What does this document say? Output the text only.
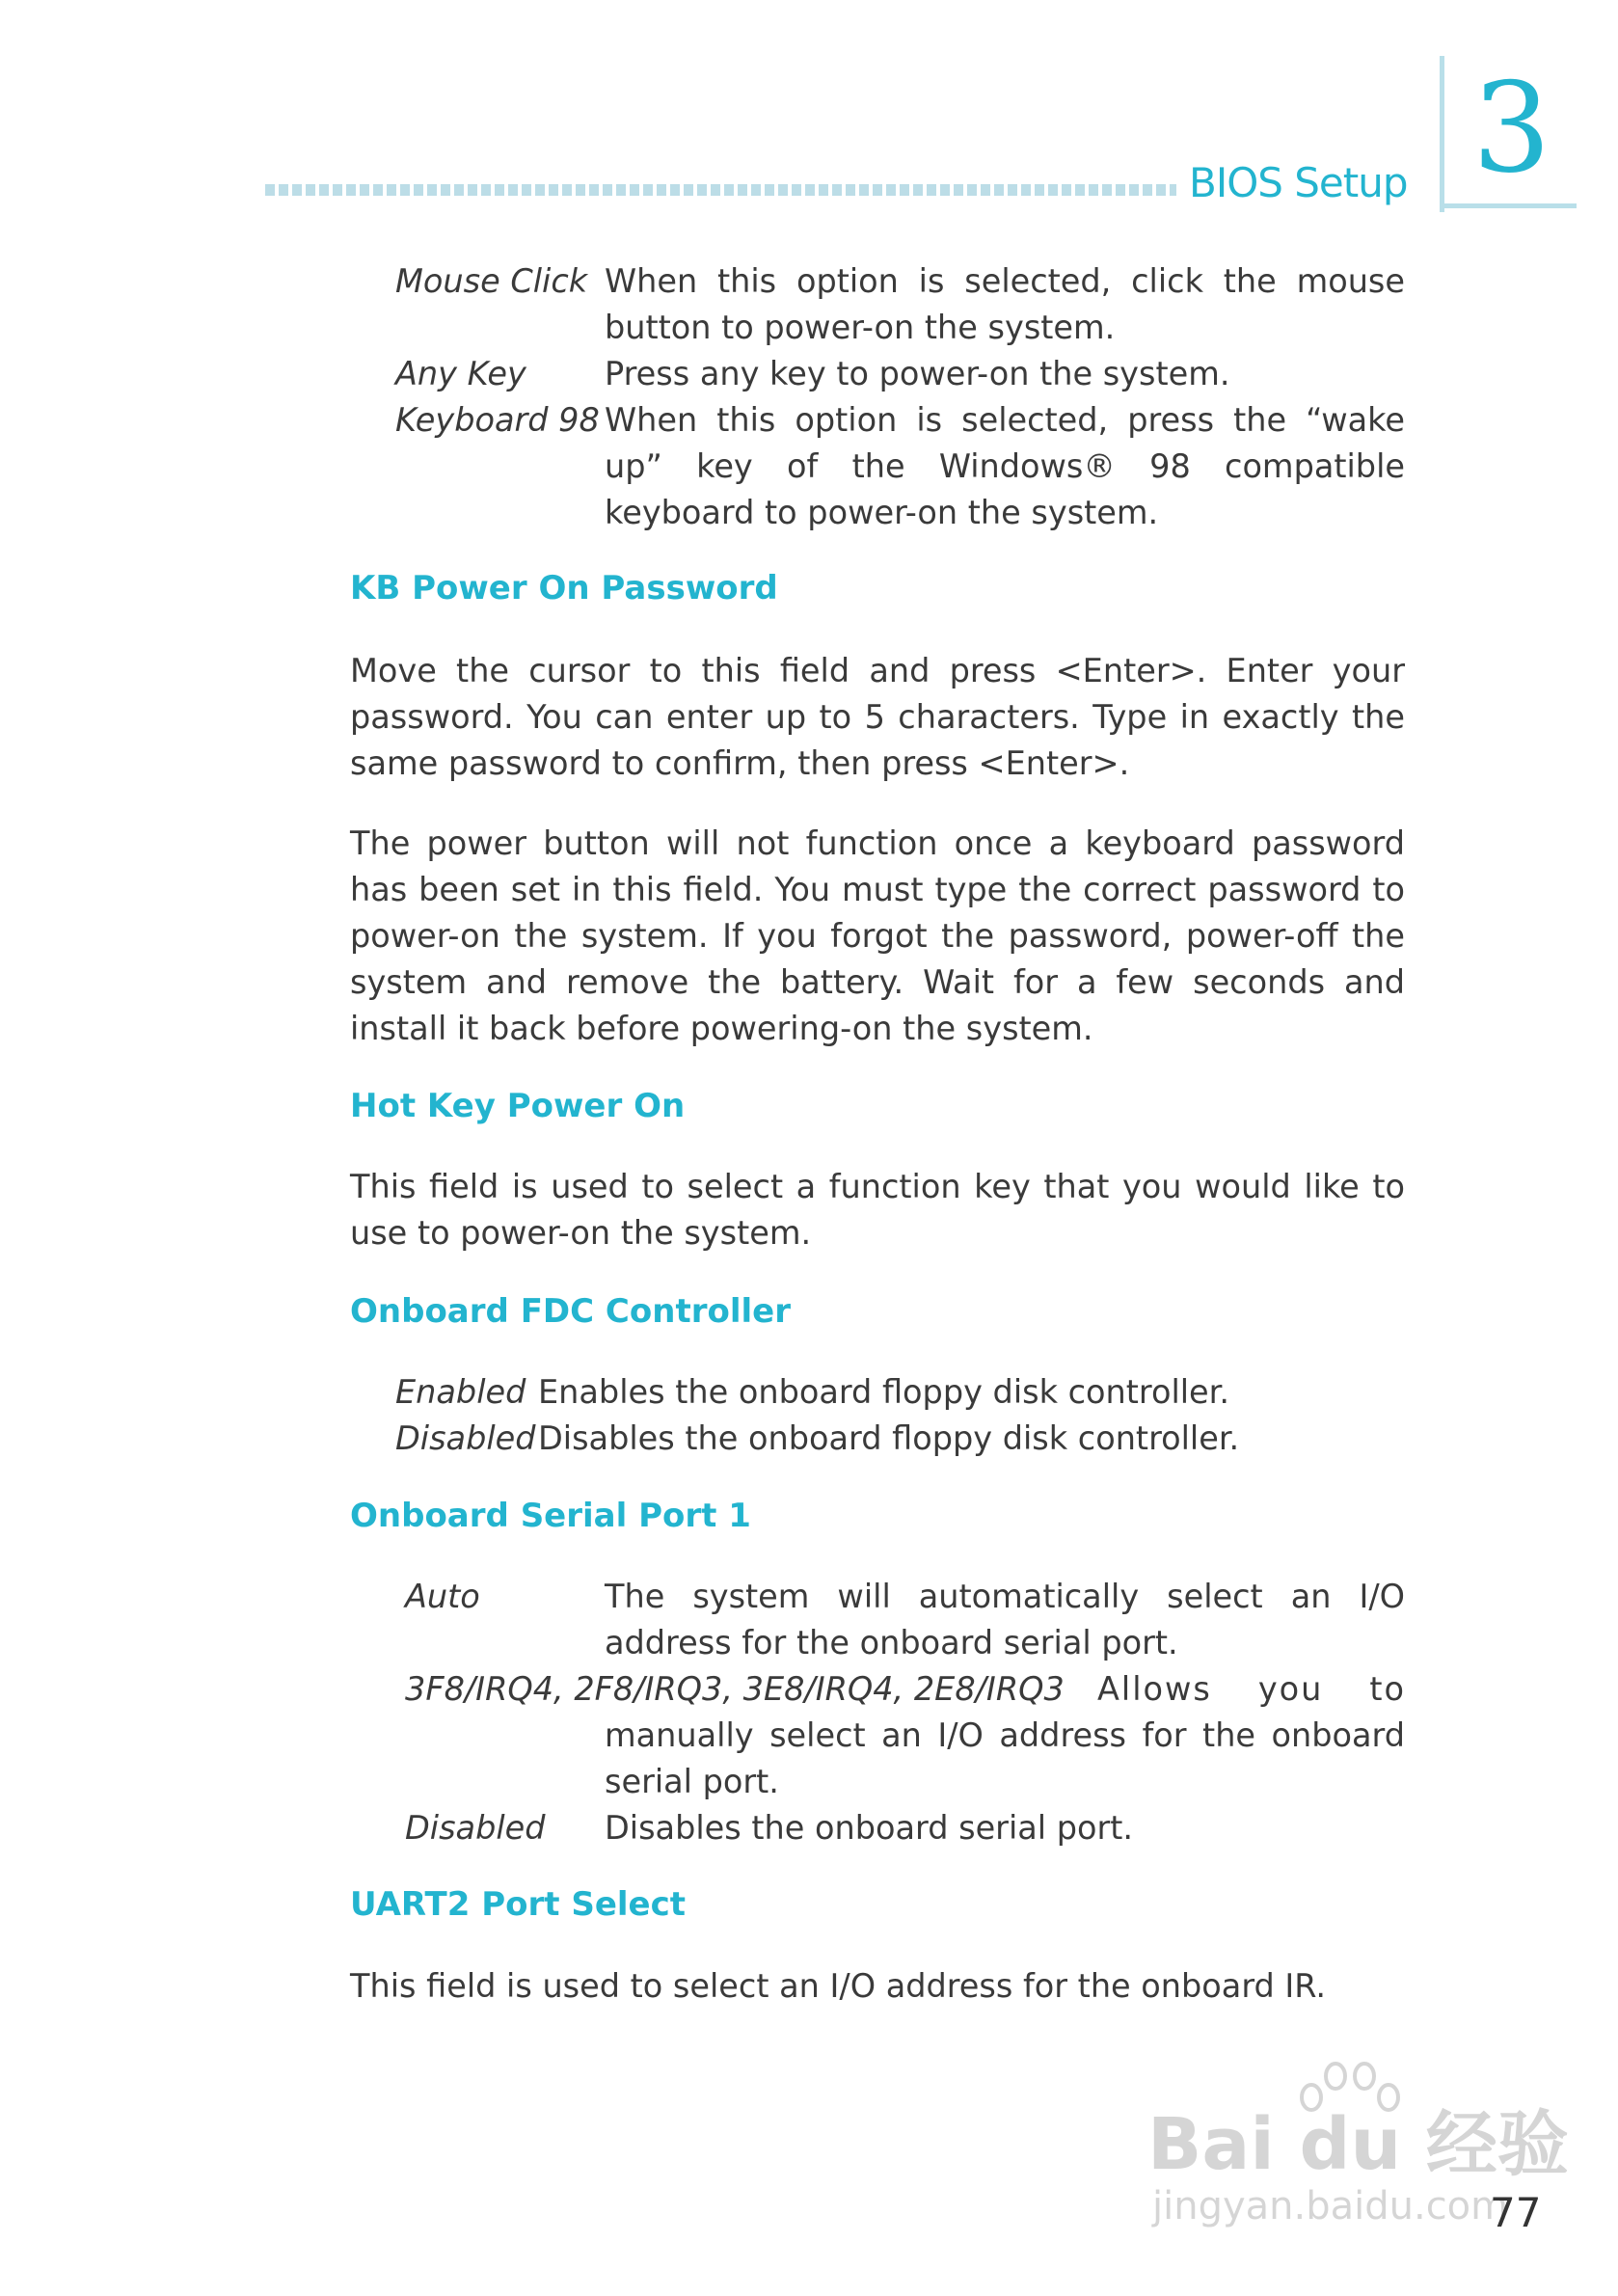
BIOS Setup 3
Mouse Click When this option is selected, click the mouse button to power-on the system.
Any Key Press any key to power-on the system.
Keyboard 98 When this option is selected, press the “wake up” key of the Windows® 98 compatible keyboard to power-on the system.
KB Power On Password
Move the cursor to this field and press <Enter>. Enter your password. You can enter up to 5 characters. Type in exactly the same password to confirm, then press <Enter>.
The power button will not function once a keyboard password has been set in this field. You must type the correct password to power-on the system. If you forgot the password, power-off the system and remove the battery. Wait for a few seconds and install it back before powering-on the system.
Hot Key Power On
This field is used to select a function key that you would like to use to power-on the system.
Onboard FDC Controller
Enabled Enables the onboard floppy disk controller.
Disabled Disables the onboard floppy disk controller.
Onboard Serial Port 1
Auto	The system will automatically select an I/O address for the onboard serial port.
3F8/IRQ4, 2F8/IRQ3, 3E8/IRQ4, 2E8/IRQ3 Allows you to
manually select an I/O address for the onboard serial port.
Disabled Disables the onboard serial port.
UART2 Port Select
This field is used to select an I/O address for the onboard IR.
Bai du 经验
jingyan.baidu.com
77
